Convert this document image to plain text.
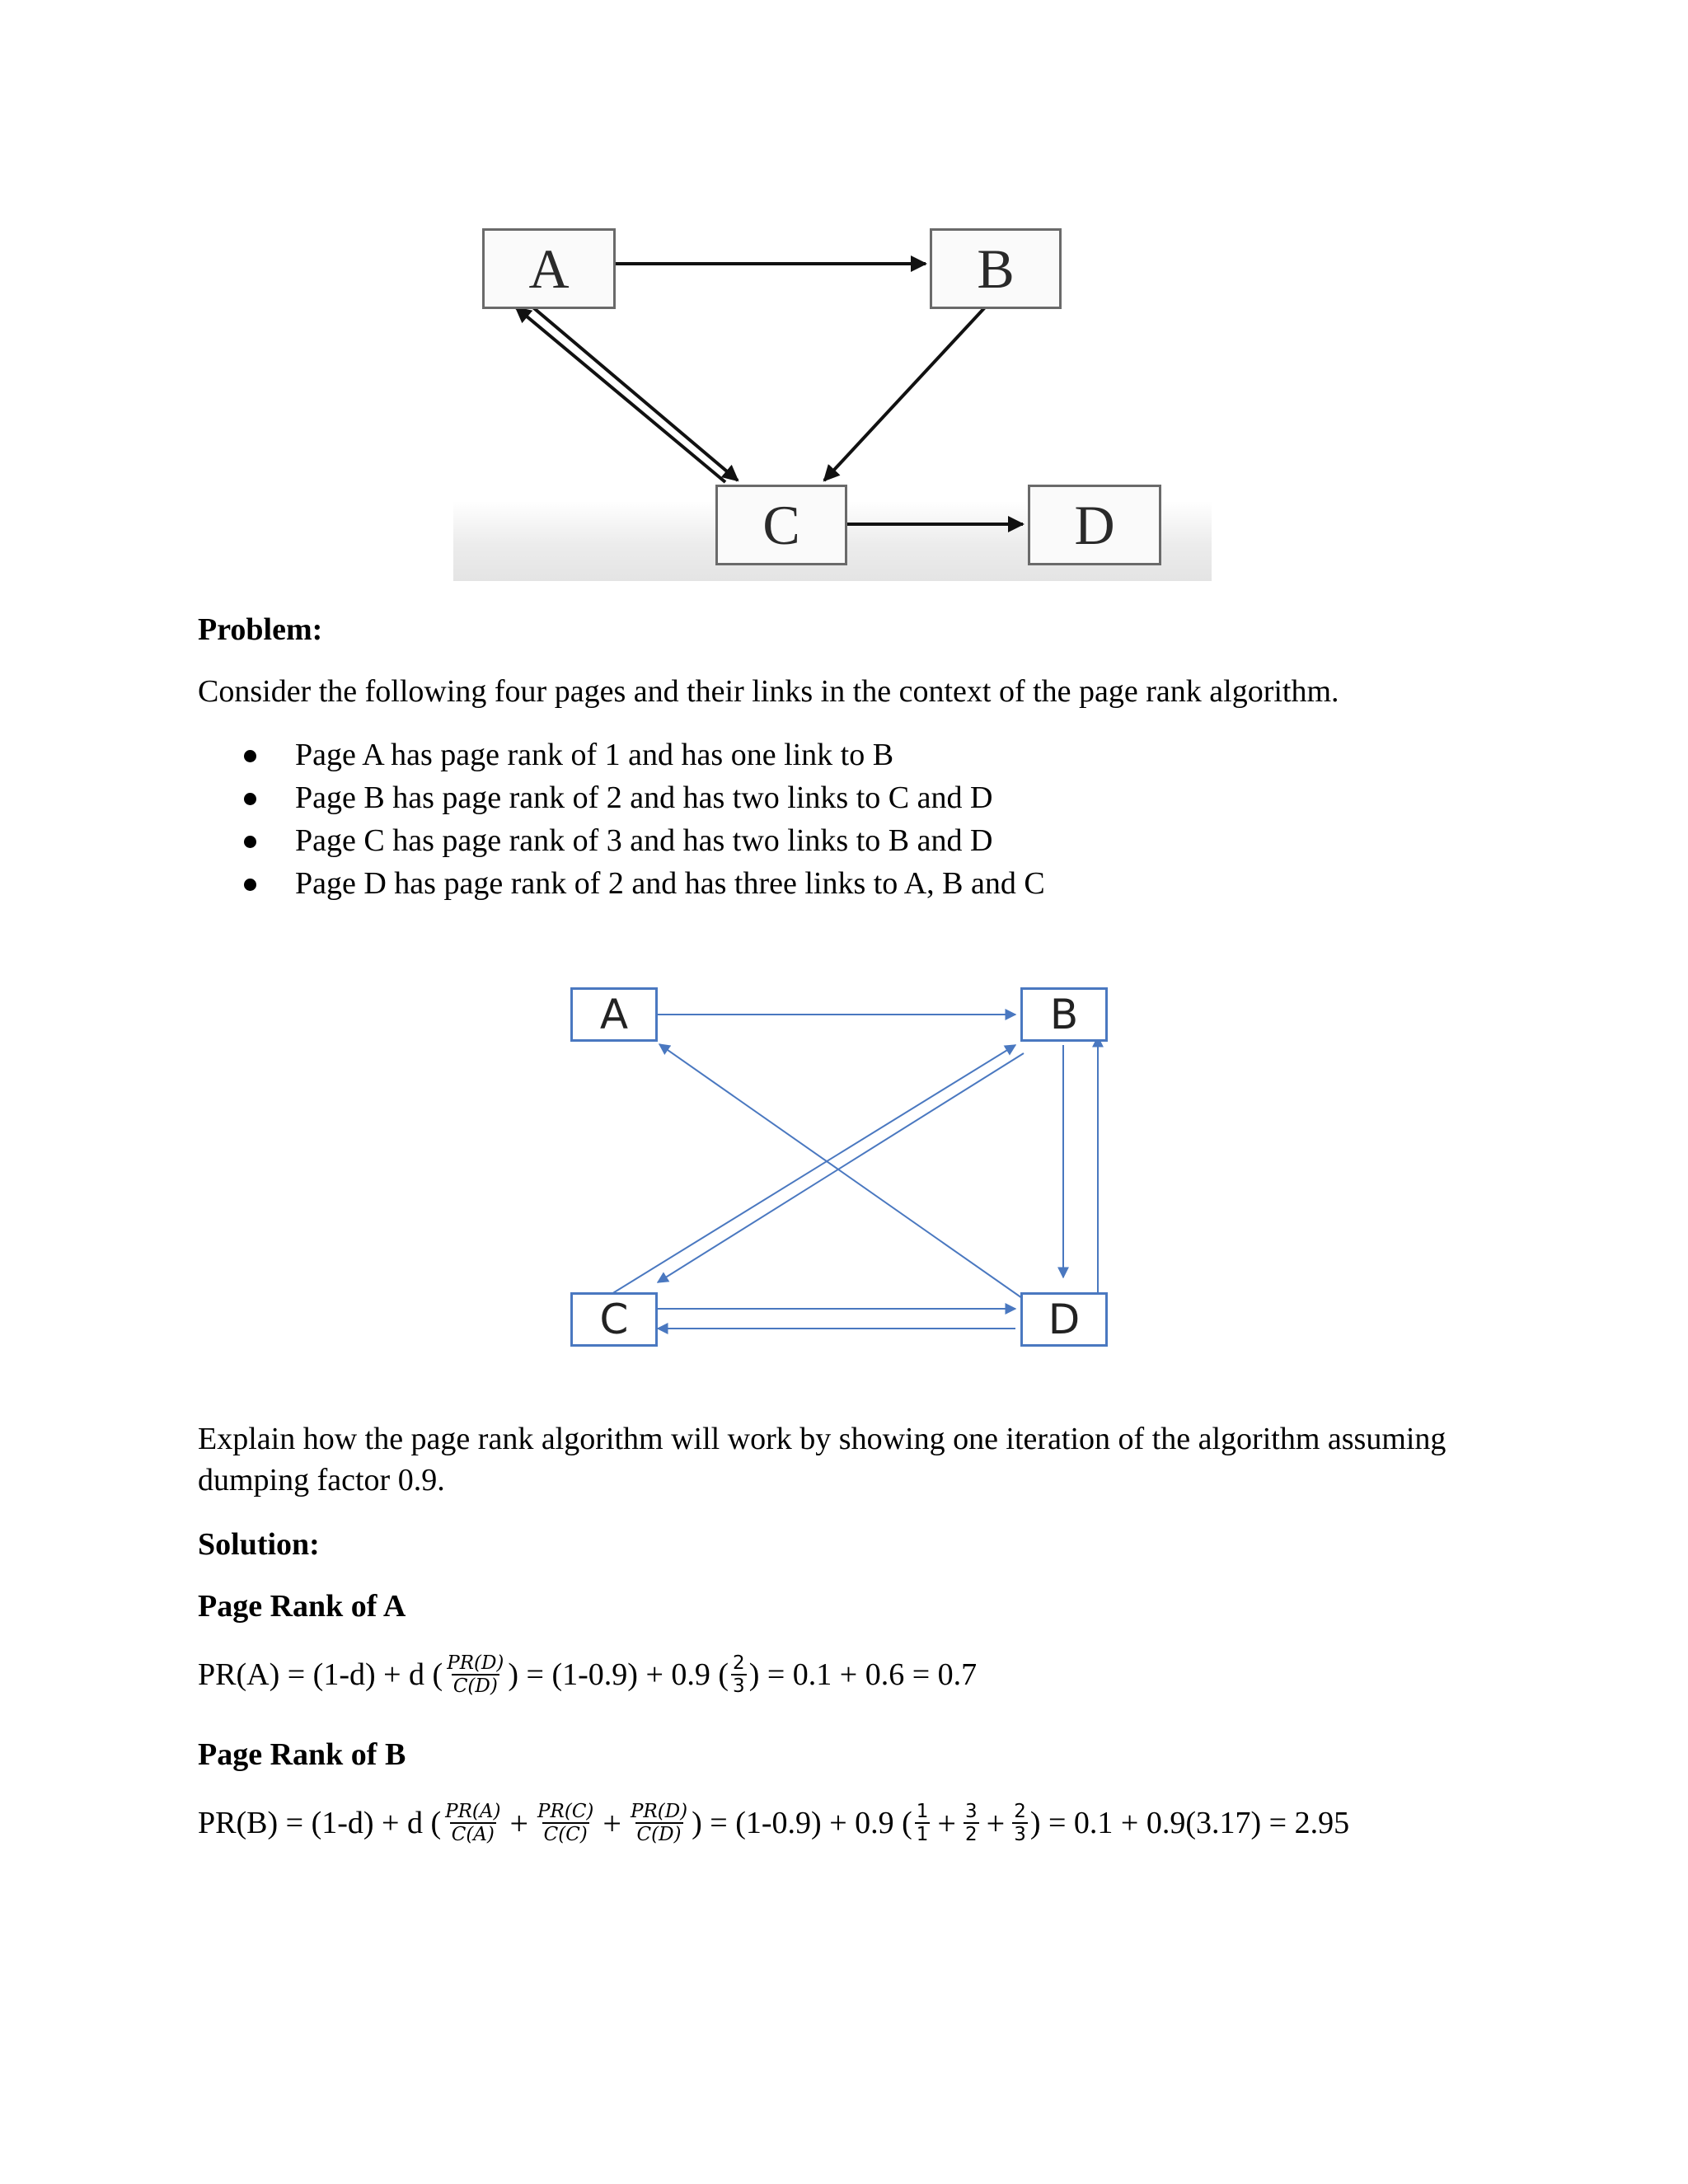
A	B
C	D
Problem:
Consider the following four pages and their links in the context of the page rank algorithm.
Page A has page rank of 1 and has one link to B
Page B has page rank of 2 and has two links to C and D
Page C has page rank of 3 and has two links to B and D
Page D has page rank of 2 and has three links to A, B and C
A	B
C	D
Explain how the page rank algorithm will work by showing one iteration of the algorithm assuming
dumping factor 0.9.
Solution:
Page Rank of A
PR(A) = (1-d) + d ( $\frac{PR(D)}{C(D)}$ ) = (1-0.9) + 0.9 ( $\frac{2}{3}$ ) = 0.1 + 0.6 = 0.7
Page Rank of B
PR(B) = (1-d) + d ( $\frac{PR(A)}{C(A)} + \frac{PR(C)}{C(C)} + \frac{PR(D)}{C(D)}$ ) = (1-0.9) + 0.9 ( $\frac{1}{1} + \frac{3}{2} + \frac{2}{3}$ ) = 0.1 + 0.9(3.17) = 2.95
